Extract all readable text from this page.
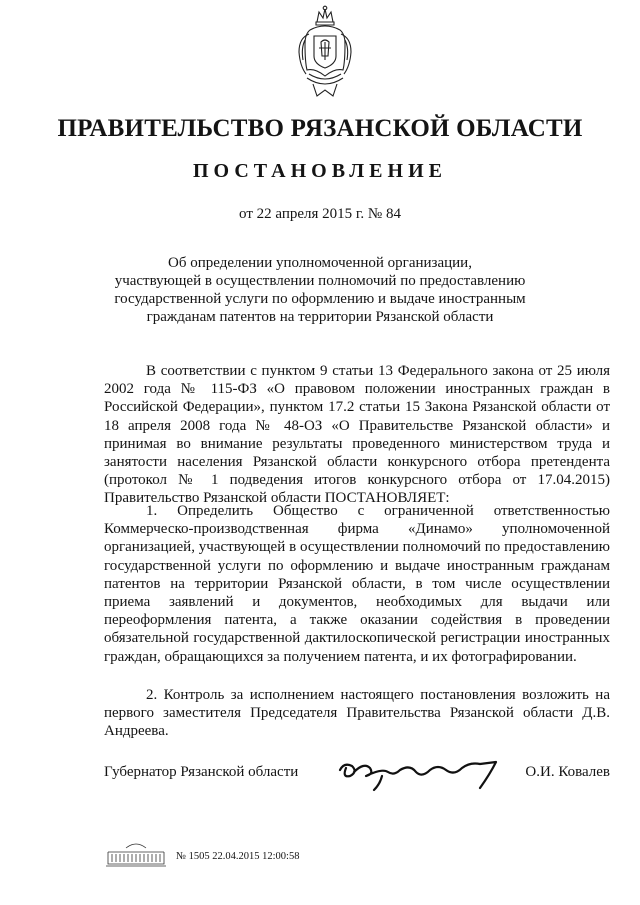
ПРАВИТЕЛЬСТВО РЯЗАНСКОЙ ОБЛАСТИ
ПОСТАНОВЛЕНИЕ
от 22 апреля 2015 г. № 84
Об определении уполномоченной организации,
участвующей в осуществлении полномочий по предоставлению
государственной услуги по оформлению и выдаче иностранным
гражданам патентов на территории Рязанской области

В соответствии с пунктом 9 статьи 13 Федерального закона от 25 июля 2002 года № 115-ФЗ «О правовом положении иностранных граждан в Российской Федерации», пунктом 17.2 статьи 15 Закона Рязанской области от 18 апреля 2008 года № 48-ОЗ «О Правительстве Рязанской области» и принимая во внимание результаты проведенного министерством труда и занятости населения Рязанской области конкурсного отбора претендента (протокол № 1 подведения итогов конкурсного отбора от 17.04.2015) Правительство Рязанской области ПОСТАНОВЛЯЕТ:

1. Определить Общество с ограниченной ответственностью Коммерческо-производственная фирма «Динамо» уполномоченной организацией, участвующей в осуществлении полномочий по предоставлению государственной услуги по оформлению и выдаче иностранным гражданам патентов на территории Рязанской области, в том числе осуществлении приема заявлений и документов, необходимых для выдачи или переоформления патента, а также оказании содействия в проведении обязательной государственной дактилоскопической регистрации иностранных граждан, обращающихся за получением патента, и их фотографировании.

2. Контроль за исполнением настоящего постановления возложить на первого заместителя Председателя Правительства Рязанской области Д.В. Андреева.

Губернатор Рязанской области	О.И. Ковалев
№ 1505 22.04.2015 12:00:58
